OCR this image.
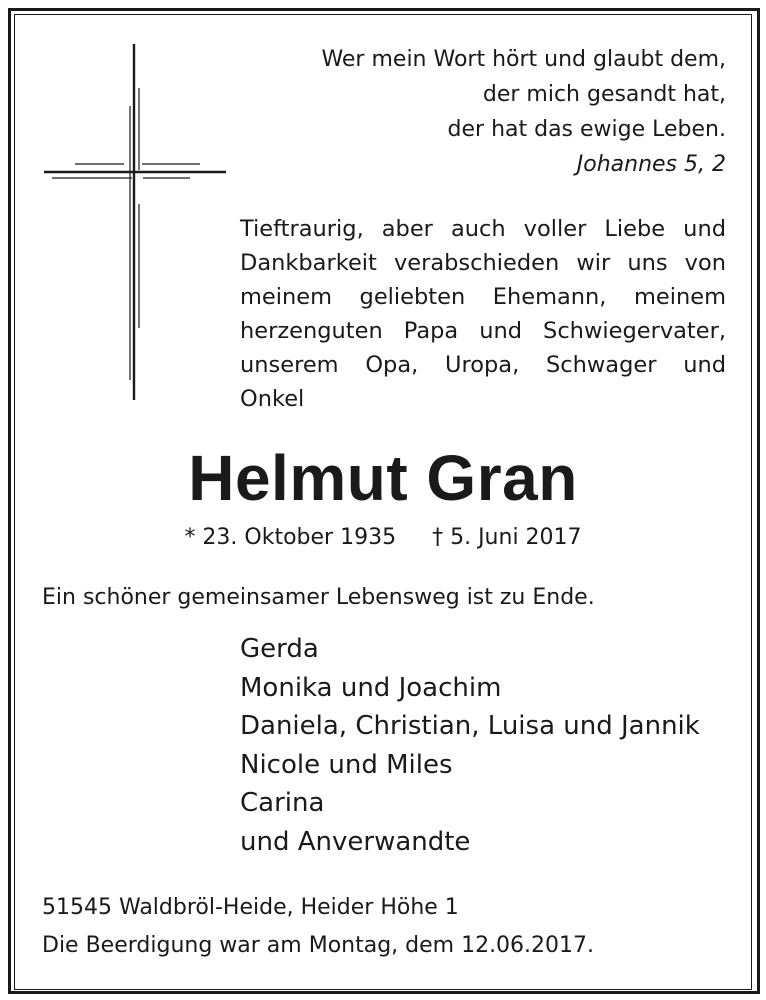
Wer mein Wort hört und glaubt dem,
der mich gesandt hat,
der hat das ewige Leben.
Johannes 5, 2
Tieftraurig, aber auch voller Liebe und
Dankbarkeit verabschieden wir uns von
meinem geliebten Ehemann, meinem
herzenguten Papa und Schwiegervater,
unserem Opa, Uropa, Schwager und
Onkel
Helmut Gran
* 23. Oktober 1935 † 5. Juni 2017
Ein schöner gemeinsamer Lebensweg ist zu Ende.
Gerda
Monika und Joachim
Daniela, Christian, Luisa und Jannik
Nicole und Miles
Carina
und Anverwandte
51545 Waldbröl-Heide, Heider Höhe 1
Die Beerdigung war am Montag, dem 12.06.2017.
